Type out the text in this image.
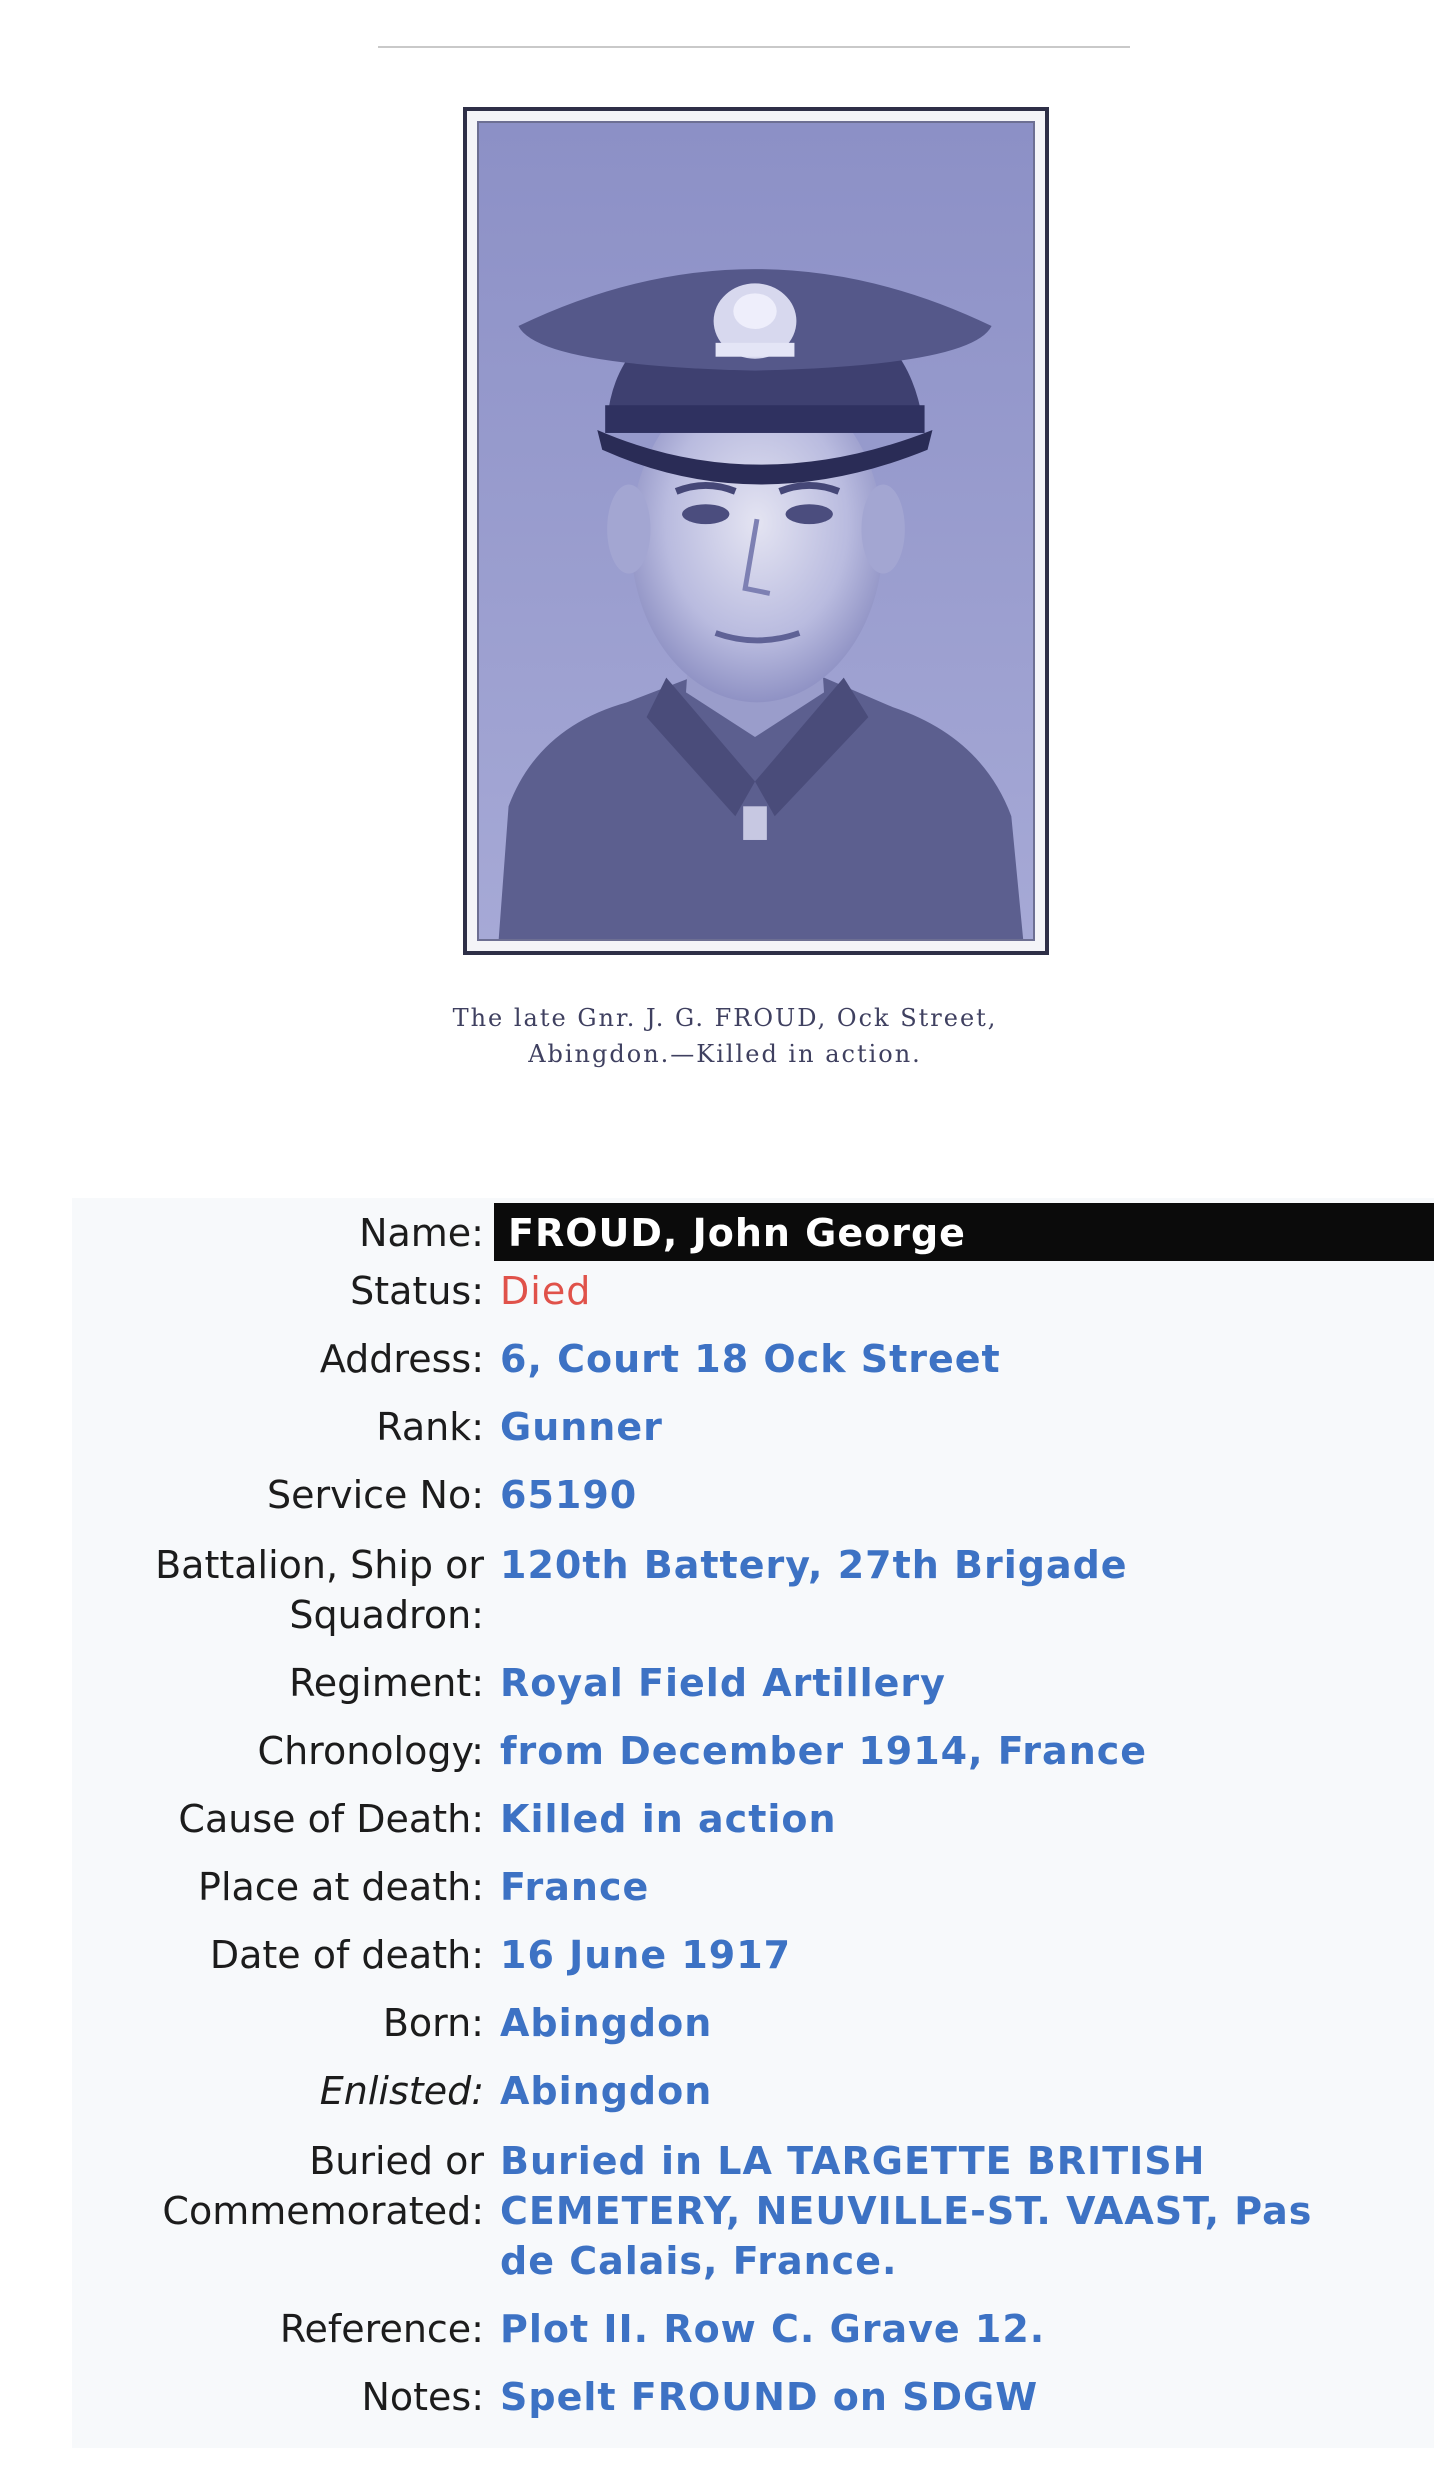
The late Gnr. J. G. FROUD, Ock Street,
Abingdon.—Killed in action.
Name: FROUD, John George
Status: Died
Address: 6, Court 18 Ock Street
Rank: Gunner
Service No: 65190
Battalion, Ship or
Squadron:
120th Battery, 27th Brigade
Regiment: Royal Field Artillery
Chronology: from December 1914, France
Cause of Death: Killed in action
Place at death: France
Date of death: 16 June 1917
Born: Abingdon
Enlisted: Abingdon
Buried or
Commemorated:
Buried in LA TARGETTE BRITISH
CEMETERY, NEUVILLE-ST. VAAST, Pas
de Calais, France.
Reference: Plot II. Row C. Grave 12.
Notes: Spelt FROUND on SDGW
